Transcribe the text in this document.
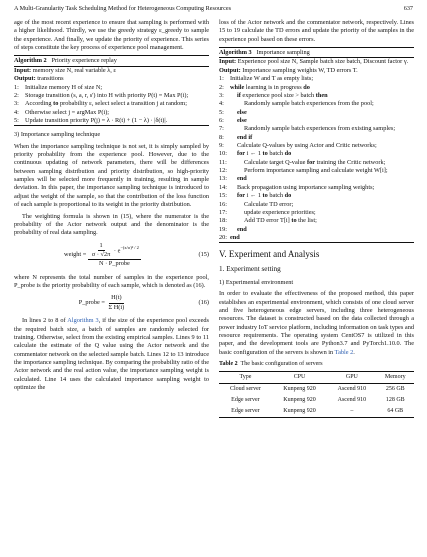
A Multi-Granularity Task Scheduling Method for Heterogeneous Computing Resources	637

age of the most recent experience to ensure that sampling is performed with a higher likelihood. Thirdly, we use the greedy strategy ε_greedy to sample the experience. And finally, we update the priority of experience. This series of steps constitute the key process of experience pool management.

Algorithm 2 Priority experience replay
Input: memory size N, real variable λ, ε
Output: transitions
1: Initialize memory H of size N;
2: Storage transition (s, a, r, s') into H with priority P(t) = Max P(i);
3: According to probability ε, select select a transition j at random;
4: Otherwise select j = argMax P(i);
5: Update transition priority P(j) = λ · R(t) + (1 − λ) · |δ(t)|.
3) Importance sampling technique

When the importance sampling technique is not set, it is simply sampled by priority probability from the experience pool. However, due to the continuous updating of network parameters, there will be differences between sampling distribution and priority distribution, so high-priority samples will be selected more frequently in training, resulting in sample deviation. In this paper, the importance sampling technique is introduced to adjust the weight of the sample, so that the contribution of the loss function of each sample is proportional to its weight in the priority distribution.

The weighting formula is shown in (15), where the numerator is the probability of the Actor network output and the denominator is the probability of real data sampling.

weight =
$\frac{\frac{1}{\sigma \cdot √2\pi} \cdot e^{-(x/\sigma)^2 / 2}}{\text{N · P\_probe}}$	(15)

where N represents the total number of samples in the experience pool, P_probe is the priority probability of each sample, which is denoted as (16).

P_probe =
$\frac{H(t)}{\text{Σ H(i)}}$	(16)

In lines 2 to 8 of Algorithm 3, if the size of the experience pool exceeds the required batch size, a batch of samples are randomly selected for training. Otherwise, select from the existing empirical samples. Lines 9 to 11 calculate the estimate of the Q value using the Actor network and the commentator network on the selected sample batch. Lines 12 to 13 introduce the importance sampling technique. By comparing the probability ratio of the Actor network and the real action value, the importance sampling weight is calculated. Line 14 uses the calculated importance sampling weight to optimize the

loss of the Actor network and the commentator network, respectively. Lines 15 to 19 calculate the TD errors and update the priority of the samples in the experience pool based on these errors.

Algorithm 3 Importance sampling
Input: Experience pool size N, Sample batch size batch, Discount factor γ.
Output: Importance sampling weights W, TD errors T.
1: Initialize W and T as empty lists;
2: while learning is in progress do
3:	if experience pool size > batch then
4:	Randomly sample batch experiences from the pool;
5:	else
6:	else
7:	Randomly sample batch experiences from existing samples;
8:	end if
9:	Calculate Q-values by using Actor and Critic networks;
10:	for i ← 1 to batch do
11:	Calculate target Q-value for training the Critic network;
12:	Perform importance sampling and calculate weight W[i];
13:	end
14:	Back propagation using importance sampling weights;
15:	for i ← 1 to batch do
16:	Calculate TD error;
17:	update experience priorities;
18:	Add TD error T[i] to the list;
19:	end
20: end
V. Experiment and Analysis
1. Experiment setting
1) Experimental environment

In order to evaluate the effectiveness of the proposed method, this paper establishes an experimental environment, which consists of one cloud server and five heterogeneous edge servers, including three heterogeneous resources. The dataset is constructed based on the data collected through a power industry IoT service platform, including information on task types and resource requirements. The operating system CentOS7 is utilized in this paper, and the development tools are Python3.7 and PyTorch1.10.0. The basic configuration of the servers is shown in Table 2.

Table 2 The basic configuration of servers
Type	CPU	GPU	Memory
Cloud server	Kunpeng 920	Ascend 910	256 GB
Edge server	Kunpeng 920	Ascend 910	128 GB
Edge server	Kunpeng 920	–	64 GB
